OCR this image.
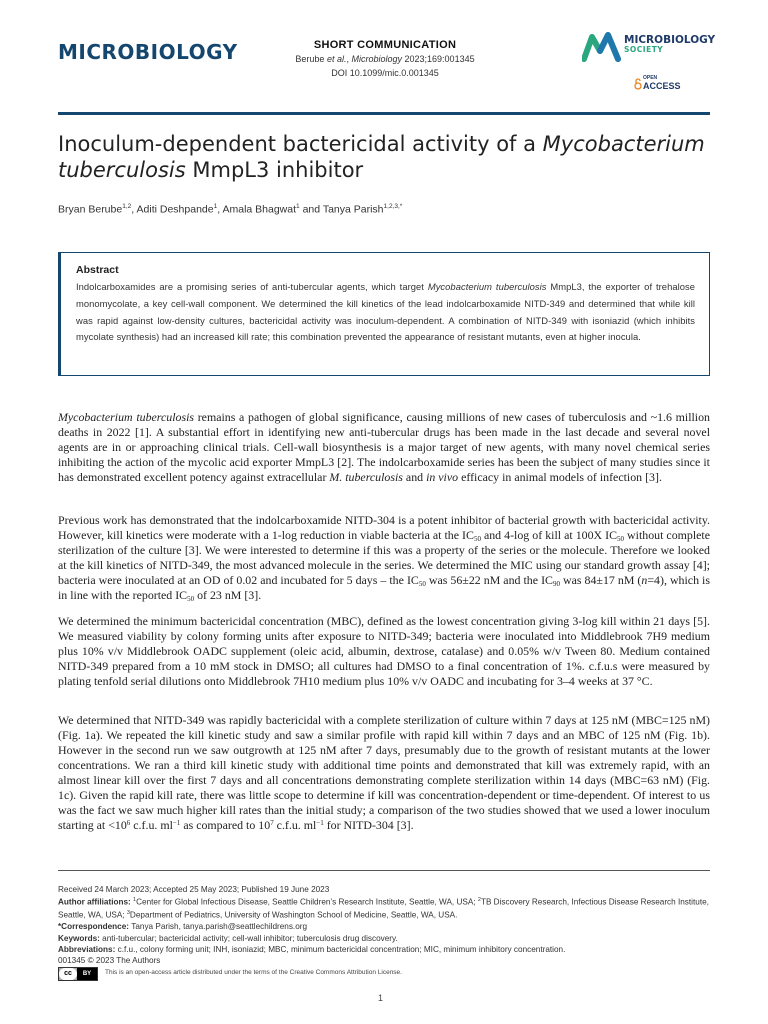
MICROBIOLOGY	SHORT COMMUNICATION
Berube et al., Microbiology 2023;169:001345
DOI 10.1099/mic.0.001345
MICROBIOLOGY
SOCIETY
OPEN
ACCESS
Inoculum-dependent bactericidal activity of a Mycobacterium tuberculosis MmpL3 inhibitor
Bryan Berube$^{1,2}$, Aditi Deshpande$^1$, Amala Bhagwat$^1$ and Tanya Parish$^{1,2,3,*}$
Abstract
Indolcarboxamides are a promising series of anti-tubercular agents, which target Mycobacterium tuberculosis MmpL3, the exporter of trehalose monomycolate, a key cell-wall component. We determined the kill kinetics of the lead indolcarboxamide NITD-349 and determined that while kill was rapid against low-density cultures, bactericidal activity was inoculum-dependent. A combination of NITD-349 with isoniazid (which inhibits mycolate synthesis) had an increased kill rate; this combination prevented the appearance of resistant mutants, even at higher inocula.

Mycobacterium tuberculosis remains a pathogen of global significance, causing millions of new cases of tuberculosis and ~1.6 million deaths in 2022 [1]. A substantial effort in identifying new anti-tubercular drugs has been made in the last decade and several novel agents are in or approaching clinical trials. Cell-wall biosynthesis is a major target of new agents, with many novel chemical series inhibiting the action of the mycolic acid exporter MmpL3 [2]. The indolcarboxamide series has been the subject of many studies since it has demonstrated excellent potency against extracellular M. tuberculosis and in vivo efficacy in animal models of infection [3].

Previous work has demonstrated that the indolcarboxamide NITD-304 is a potent inhibitor of bacterial growth with bactericidal activity. However, kill kinetics were moderate with a 1-log reduction in viable bacteria at the $IC_{50}$ and 4-log of kill at 100X $IC_{50}$ without complete sterilization of the culture [3]. We were interested to determine if this was a property of the series or the molecule. Therefore we looked at the kill kinetics of NITD-349, the most advanced molecule in the series. We determined the MIC using our standard growth assay [4]; bacteria were inoculated at an OD of 0.02 and incubated for 5 days – the $IC_{50}$ was 56±22 nM and the $IC_{90}$ was 84±17 nM (n=4), which is in line with the reported $IC_{50}$ of 23 nM [3].

We determined the minimum bactericidal concentration (MBC), defined as the lowest concentration giving 3-log kill within 21 days [5]. We measured viability by colony forming units after exposure to NITD-349; bacteria were inoculated into Middlebrook 7H9 medium plus 10% v/v Middlebrook OADC supplement (oleic acid, albumin, dextrose, catalase) and 0.05% w/v Tween 80. Medium contained NITD-349 prepared from a 10 mM stock in DMSO; all cultures had DMSO to a final concentration of 1%. c.f.u.s were measured by plating tenfold serial dilutions onto Middlebrook 7H10 medium plus 10% v/v OADC and incubating for 3–4 weeks at 37 °C.

We determined that NITD-349 was rapidly bactericidal with a complete sterilization of culture within 7 days at 125 nM (MBC=125 nM) (Fig. 1a). We repeated the kill kinetic study and saw a similar profile with rapid kill within 7 days and an MBC of 125 nM (Fig. 1b). However in the second run we saw outgrowth at 125 nM after 7 days, presumably due to the growth of resistant mutants at the lower concentrations. We ran a third kill kinetic study with additional time points and demonstrated that kill was extremely rapid, with an almost linear kill over the first 7 days and all concentrations demonstrating complete sterilization within 14 days (MBC=63 nM) (Fig. 1c). Given the rapid kill rate, there was little scope to determine if kill was concentration-dependent or time-dependent. Of interest to us was the fact we saw much higher kill rates than the initial study; a comparison of the two studies showed that we used a lower inoculum starting at $<10^6$ c.f.u. $ml^{-1}$ as compared to $10^7$ c.f.u. $ml^{-1}$ for NITD-304 [3].

Received 24 March 2023; Accepted 25 May 2023; Published 19 June 2023
Author affiliations: $^1$Center for Global Infectious Disease, Seattle Children’s Research Institute, Seattle, WA, USA; $^2$TB Discovery Research, Infectious Disease Research Institute, Seattle, WA, USA; $^3$Department of Pediatrics, University of Washington School of Medicine, Seattle, WA, USA.
*Correspondence: Tanya Parish, tanya.parish@seattlechildrens.org
Keywords: anti-tubercular; bactericidal activity; cell-wall inhibitor; tuberculosis drug discovery.
Abbreviations: c.f.u., colony forming unit; INH, isoniazid; MBC, minimum bactericidal concentration; MIC, minimum inhibitory concentration.
001345 © 2023 The Authors
cc	BY	This is an open-access article distributed under the terms of the Creative Commons Attribution License.
1
